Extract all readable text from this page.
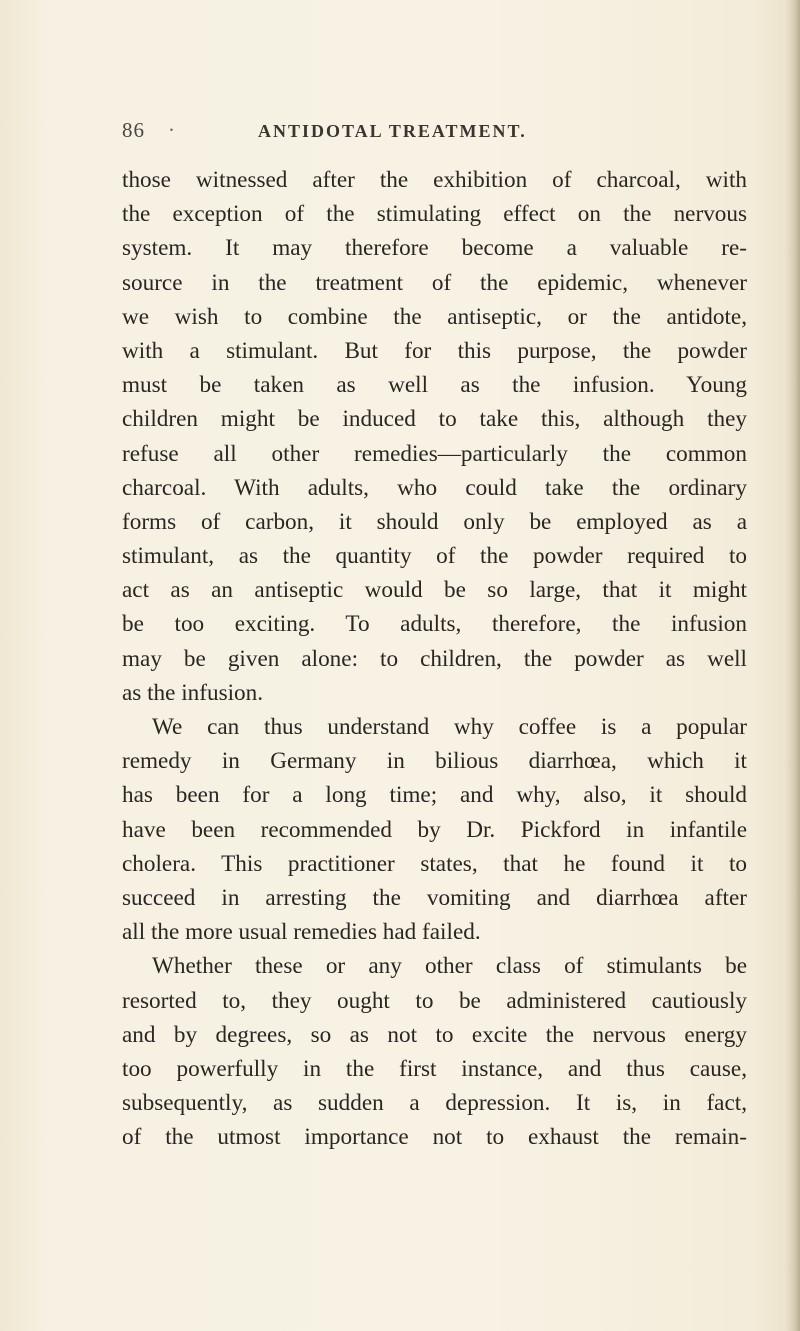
86 ·	ANTIDOTAL TREATMENT.
those witnessed after the exhibition of charcoal, with
the exception of the stimulating effect on the nervous
system. It may therefore become a valuable re-
source in the treatment of the epidemic, whenever
we wish to combine the antiseptic, or the antidote,
with a stimulant. But for this purpose, the powder
must be taken as well as the infusion. Young
children might be induced to take this, although they
refuse all other remedies—particularly the common
charcoal. With adults, who could take the ordinary
forms of carbon, it should only be employed as a
stimulant, as the quantity of the powder required to
act as an antiseptic would be so large, that it might
be too exciting. To adults, therefore, the infusion
may be given alone: to children, the powder as well
as the infusion.
We can thus understand why coffee is a popular
remedy in Germany in bilious diarrhœa, which it
has been for a long time; and why, also, it should
have been recommended by Dr. Pickford in infantile
cholera. This practitioner states, that he found it to
succeed in arresting the vomiting and diarrhœa after
all the more usual remedies had failed.
Whether these or any other class of stimulants be
resorted to, they ought to be administered cautiously
and by degrees, so as not to excite the nervous energy
too powerfully in the first instance, and thus cause,
subsequently, as sudden a depression. It is, in fact,
of the utmost importance not to exhaust the remain-
